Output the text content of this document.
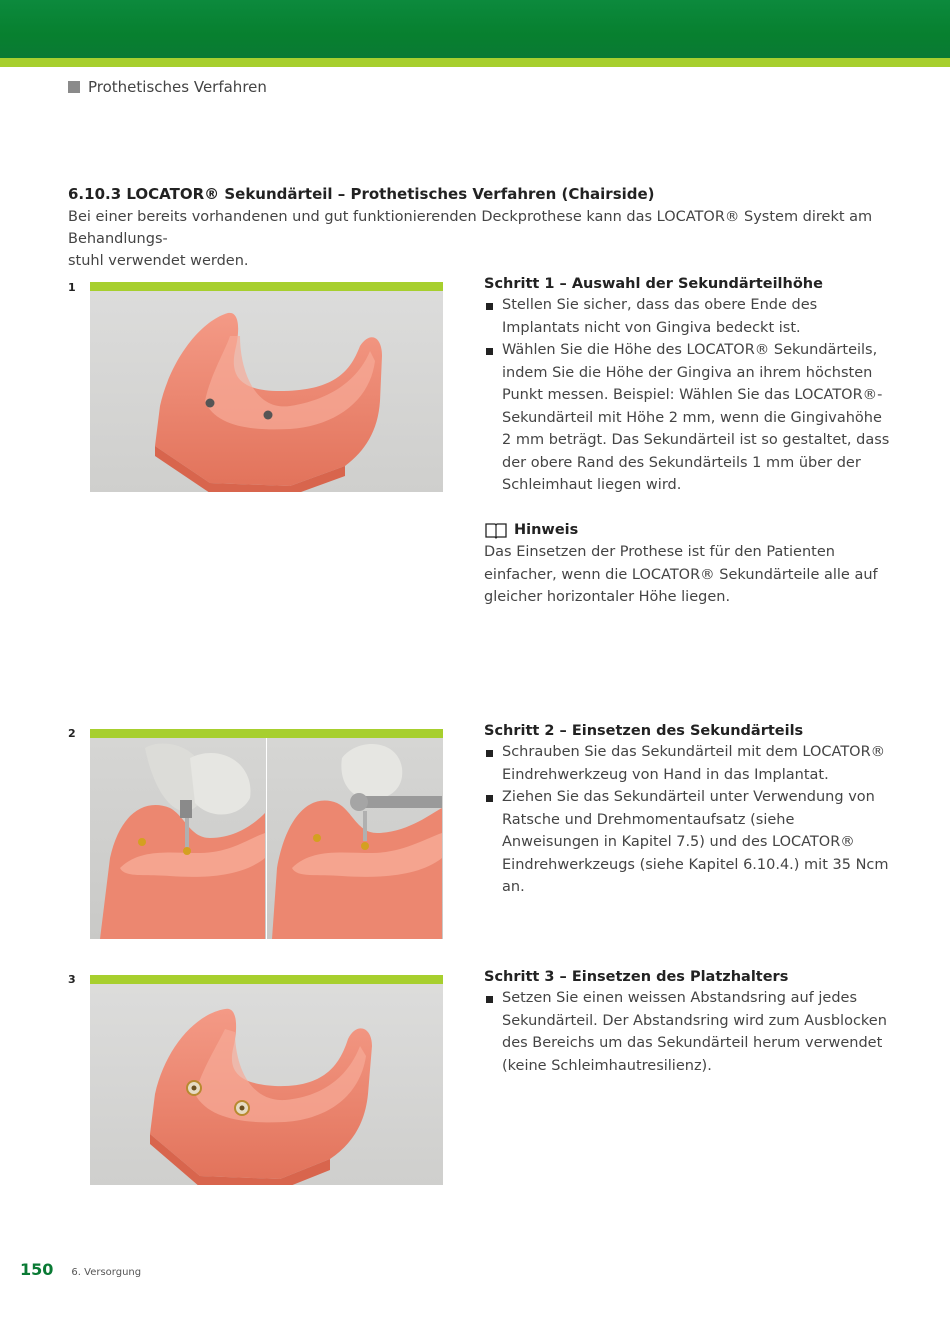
Prothetisches Verfahren
6.10.3 LOCATOR® Sekundärteil – Prothetisches Verfahren (Chairside)

Bei einer bereits vorhandenen und gut funktionierenden Deckprothese kann das LOCATOR® System direkt am Behandlungs-

stuhl verwendet werden.

1	Schritt 1 – Auswahl der Sekundärteilhöhe
Stellen Sie sicher, dass das obere Ende des Implantats nicht von Gingiva bedeckt ist.
Wählen Sie die Höhe des LOCATOR® Sekundärteils, indem Sie die Höhe der Gingiva an ihrem höchsten Punkt messen. Beispiel: Wählen Sie das LOCATOR®-Sekundärteil mit Höhe 2 mm, wenn die Gingivahöhe 2 mm beträgt. Das Sekundärteil ist so gestaltet, dass der obere Rand des Sekundärteils 1 mm über der Schleimhaut liegen wird.
Hinweis

Das Einsetzen der Prothese ist für den Patienten einfacher, wenn die LOCATOR® Sekundärteile alle auf gleicher horizontaler Höhe liegen.

2	Schritt 2 – Einsetzen des Sekundärteils
Schrauben Sie das Sekundärteil mit dem LOCATOR® Eindrehwerkzeug von Hand in das Implantat.
Ziehen Sie das Sekundärteil unter Verwendung von Ratsche und Drehmomentaufsatz (siehe Anweisungen in Kapitel 7.5) und des LOCATOR® Eindrehwerkzeugs (siehe Kapitel 6.10.4.) mit 35 Ncm an.
3	Schritt 3 – Einsetzen des Platzhalters
Setzen Sie einen weissen Abstandsring auf jedes Sekundärteil. Der Abstandsring wird zum Ausblocken des Bereichs um das Sekundärteil herum verwendet (keine Schleimhautresilienz).
150 6. Versorgung
